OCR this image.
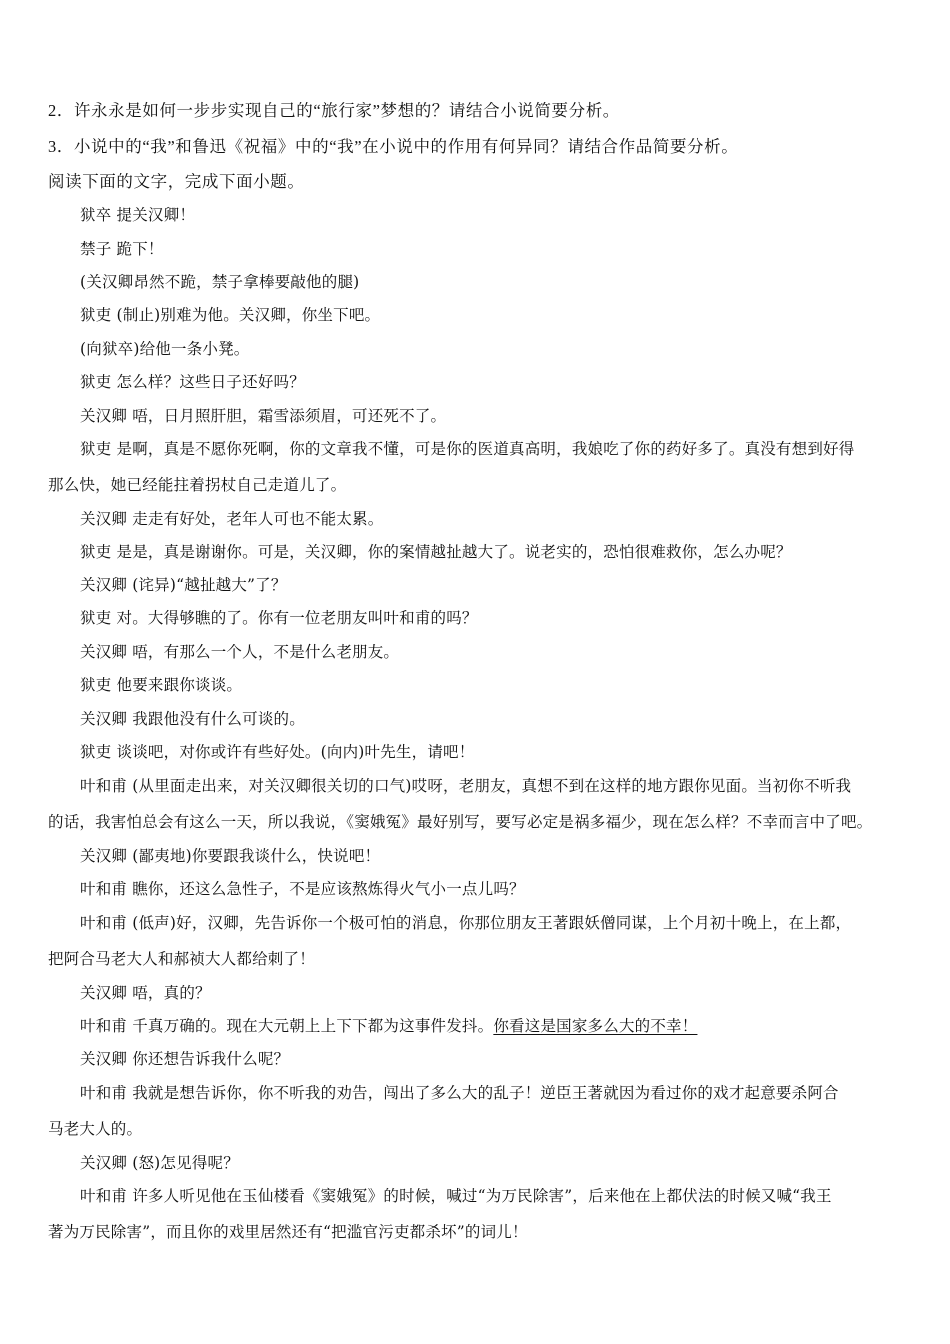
2．许永永是如何一步步实现自己的“旅行家”梦想的？请结合小说简要分析。
3．小说中的“我”和鲁迅《祝福》中的“我”在小说中的作用有何异同？请结合作品简要分析。
阅读下面的文字，完成下面小题。
狱卒 提关汉卿！
禁子 跪下！
(关汉卿昂然不跪，禁子拿棒要敲他的腿)
狱吏 (制止)别难为他。关汉卿，你坐下吧。
(向狱卒)给他一条小凳。
狱吏 怎么样？这些日子还好吗？
关汉卿 唔，日月照肝胆，霜雪添须眉，可还死不了。
狱吏 是啊，真是不愿你死啊，你的文章我不懂，可是你的医道真高明，我娘吃了你的药好多了。真没有想到好得
那么快，她已经能拄着拐杖自己走道儿了。
关汉卿 走走有好处，老年人可也不能太累。
狱吏 是是，真是谢谢你。可是，关汉卿，你的案情越扯越大了。说老实的，恐怕很难救你，怎么办呢？
关汉卿 (诧异)“越扯越大”了？
狱吏 对。大得够瞧的了。你有一位老朋友叫叶和甫的吗？
关汉卿 唔，有那么一个人，不是什么老朋友。
狱吏 他要来跟你谈谈。
关汉卿 我跟他没有什么可谈的。
狱吏 谈谈吧，对你或许有些好处。(向内)叶先生，请吧！
叶和甫 (从里面走出来，对关汉卿很关切的口气)哎呀，老朋友，真想不到在这样的地方跟你见面。当初你不听我
的话，我害怕总会有这么一天，所以我说，《窦娥冤》最好别写，要写必定是祸多福少，现在怎么样？不幸而言中了吧。
关汉卿 (鄙夷地)你要跟我谈什么，快说吧！
叶和甫 瞧你，还这么急性子，不是应该熬炼得火气小一点儿吗？
叶和甫 (低声)好，汉卿，先告诉你一个极可怕的消息，你那位朋友王著跟妖僧同谋，上个月初十晚上，在上都，
把阿合马老大人和郝祯大人都给刺了！
关汉卿 唔，真的？
叶和甫 千真万确的。现在大元朝上上下下都为这事件发抖。你看这是国家多么大的不幸！
关汉卿 你还想告诉我什么呢？
叶和甫 我就是想告诉你，你不听我的劝告，闯出了多么大的乱子！逆臣王著就因为看过你的戏才起意要杀阿合
马老大人的。
关汉卿 (怒)怎见得呢？
叶和甫 许多人听见他在玉仙楼看《窦娥冤》的时候，喊过“为万民除害”，后来他在上都伏法的时候又喊“我王
著为万民除害”，而且你的戏里居然还有“把滥官污吏都杀坏”的词儿！
